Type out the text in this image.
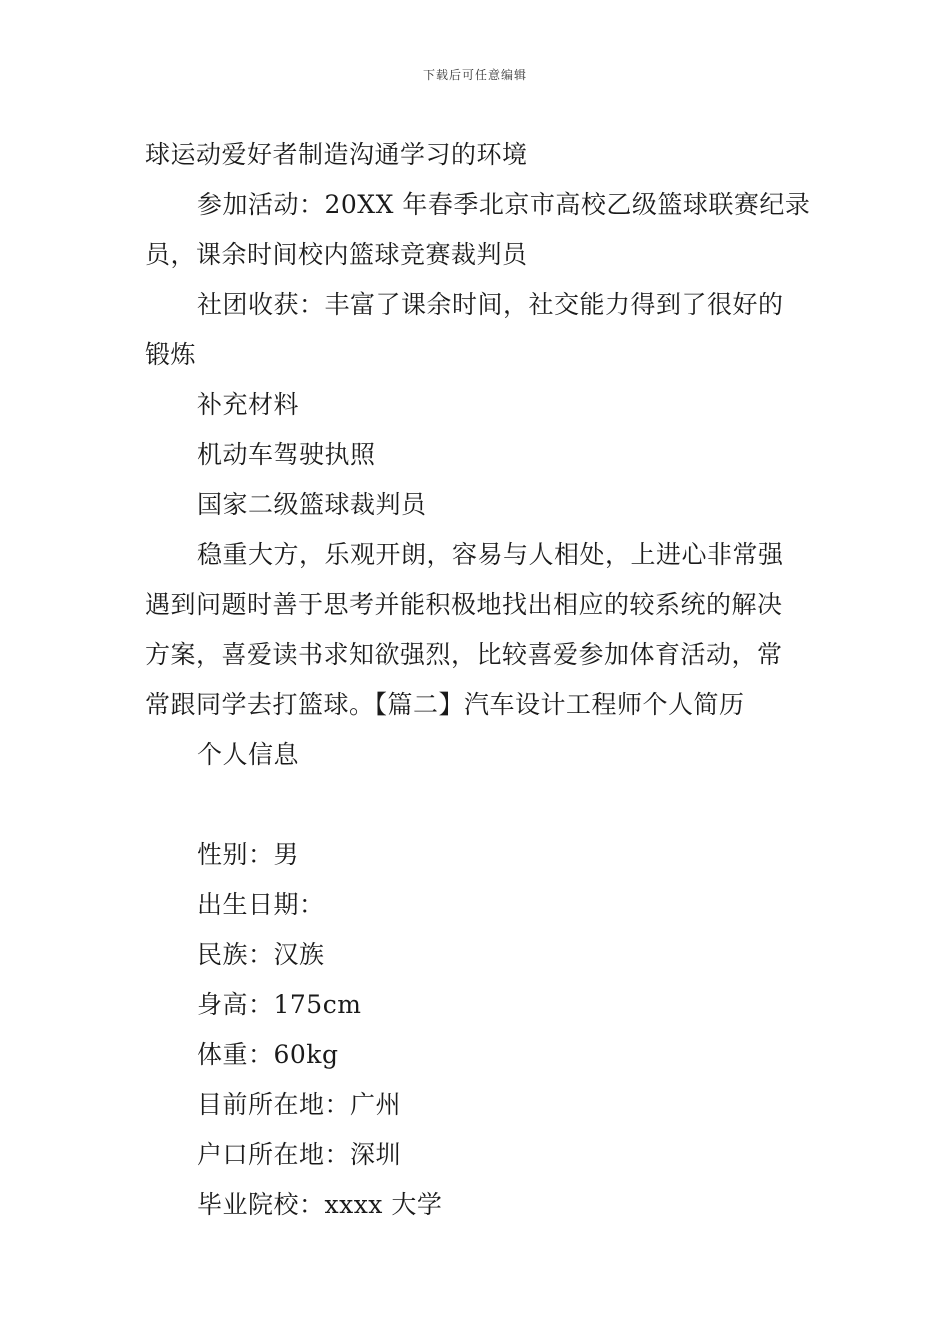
下载后可任意编辑

球运动爱好者制造沟通学习的环境

参加活动：20XX 年春季北京市高校乙级篮球联赛纪录

员，课余时间校内篮球竞赛裁判员

社团收获：丰富了课余时间，社交能力得到了很好的

锻炼

补充材料

机动车驾驶执照

国家二级篮球裁判员

稳重大方，乐观开朗，容易与人相处，上进心非常强

遇到问题时善于思考并能积极地找出相应的较系统的解决

方案，喜爱读书求知欲强烈，比较喜爱参加体育活动，常

常跟同学去打篮球。【篇二】汽车设计工程师个人简历

个人信息

性别：男

出生日期：

民族：汉族

身高：175cm

体重：60kg

目前所在地：广州

户口所在地：深圳

毕业院校：xxxx 大学
